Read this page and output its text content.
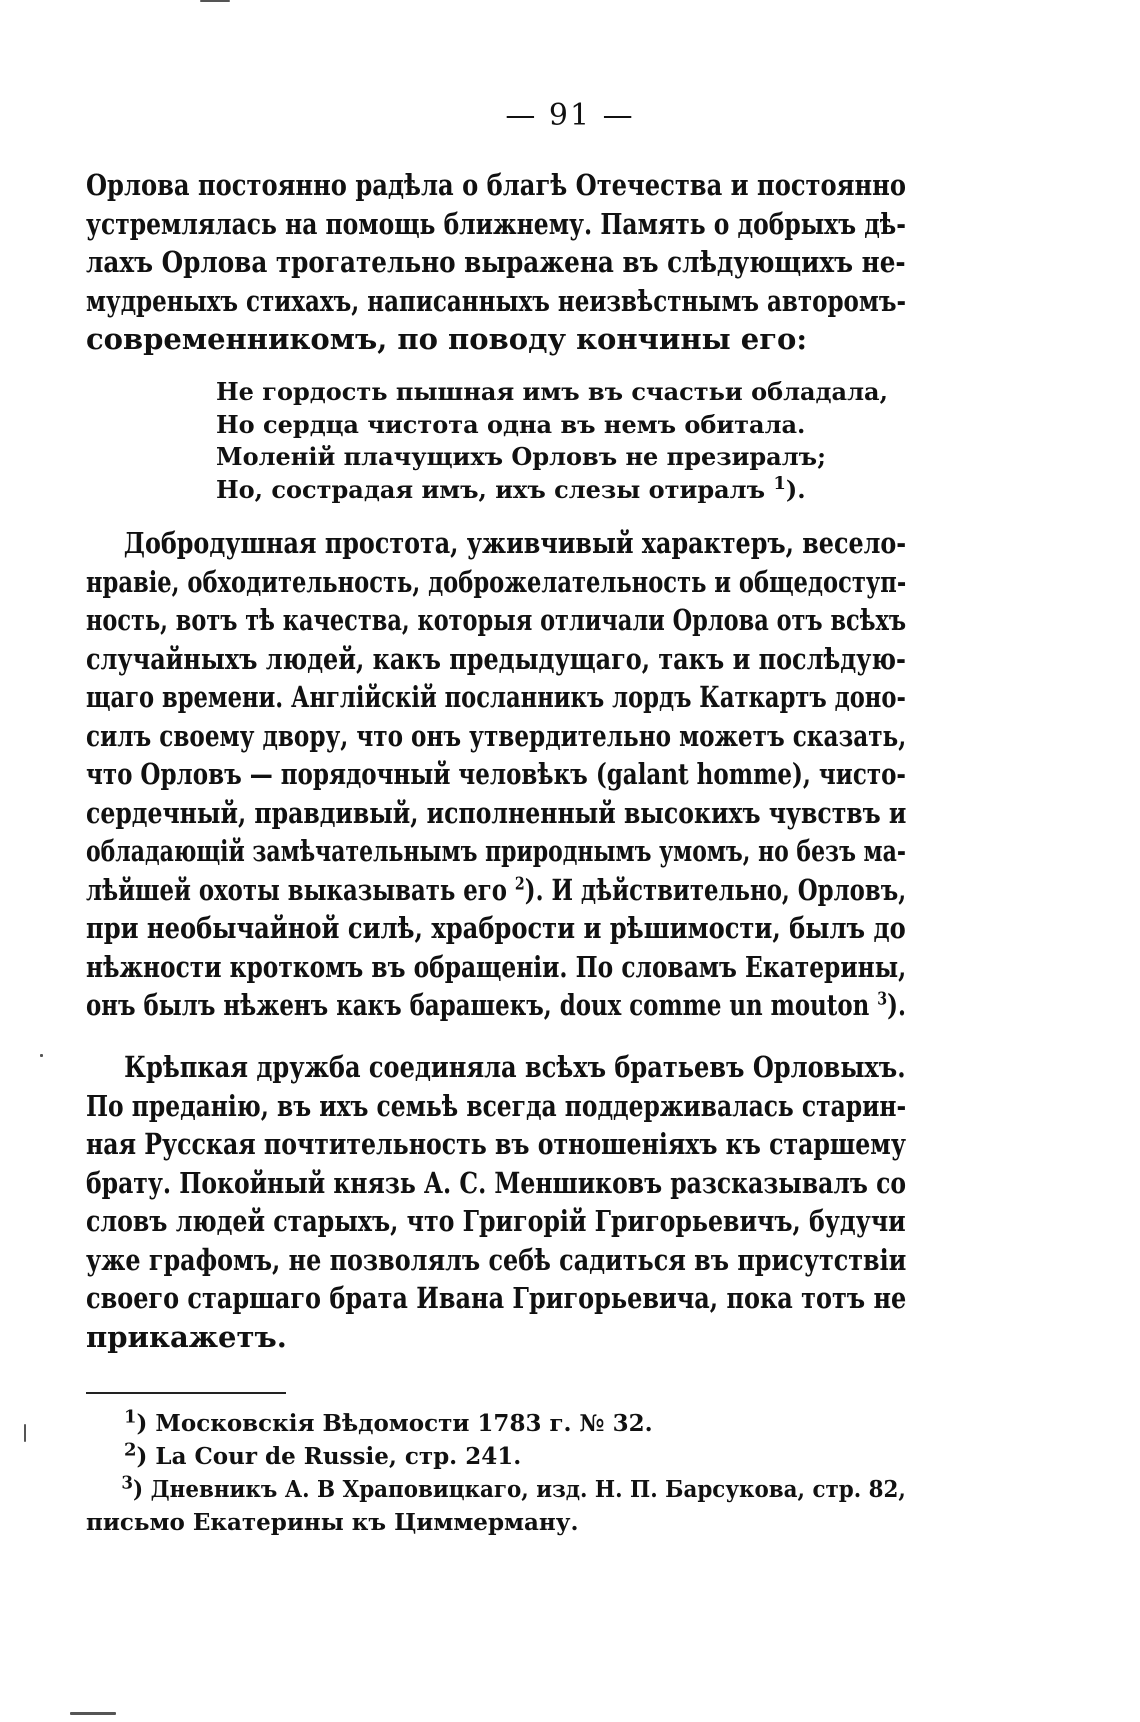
— 91 —
Орлова постоянно радѣла о благѣ Отечества и постоянно
устремлялась на помощь ближнему. Память о добрыхъ дѣ-
лахъ Орлова трогательно выражена въ слѣдующихъ не-
мудреныхъ стихахъ, написанныхъ неизвѣстнымъ авторомъ-
современникомъ, по поводу кончины его:
Не гордость пышная имъ въ счастьи обладала,
Но сердца чистота одна въ немъ обитала.
Моленій плачущихъ Орловъ не презиралъ;
Но, сострадая имъ, ихъ слезы отиралъ $^1$).
Добродушная простота, уживчивый характеръ, весело-
нравіе, обходительность, доброжелательность и общедоступ-
ность, вотъ тѣ качества, которыя отличали Орлова отъ всѣхъ
случайныхъ людей, какъ предыдущаго, такъ и послѣдую-
щаго времени. Англійскій посланникъ лордъ Каткартъ доно-
силъ своему двору, что онъ утвердительно можетъ сказать,
что Орловъ — порядочный человѣкъ (galant homme), чисто-
сердечный, правдивый, исполненный высокихъ чувствъ и
обладающій замѣчательнымъ природнымъ умомъ, но безъ ма-
лѣйшей охоты выказывать его $^2$). И дѣйствительно, Орловъ,
при необычайной силѣ, храбрости и рѣшимости, былъ до
нѣжности кроткомъ въ обращеніи. По словамъ Екатерины,
онъ былъ нѣженъ какъ барашекъ, doux comme un mouton $^3$).
Крѣпкая дружба соединяла всѣхъ братьевъ Орловыхъ.
По преданію, въ ихъ семьѣ всегда поддерживалась старин-
ная Русская почтительность въ отношеніяхъ къ старшему
брату. Покойный князь А. С. Меншиковъ разсказывалъ со
словъ людей старыхъ, что Григорій Григорьевичъ, будучи
уже графомъ, не позволялъ себѣ садиться въ присутствіи
своего старшаго брата Ивана Григорьевича, пока тотъ не
прикажетъ.
$^1$) Московскія Вѣдомости 1783 г. № 32.
$^2$) La Cour de Russie, стр. 241.
$^3$) Дневникъ А. В Храповицкаго, изд. Н. П. Барсукова, стр. 82,
письмо Екатерины къ Циммерману.
